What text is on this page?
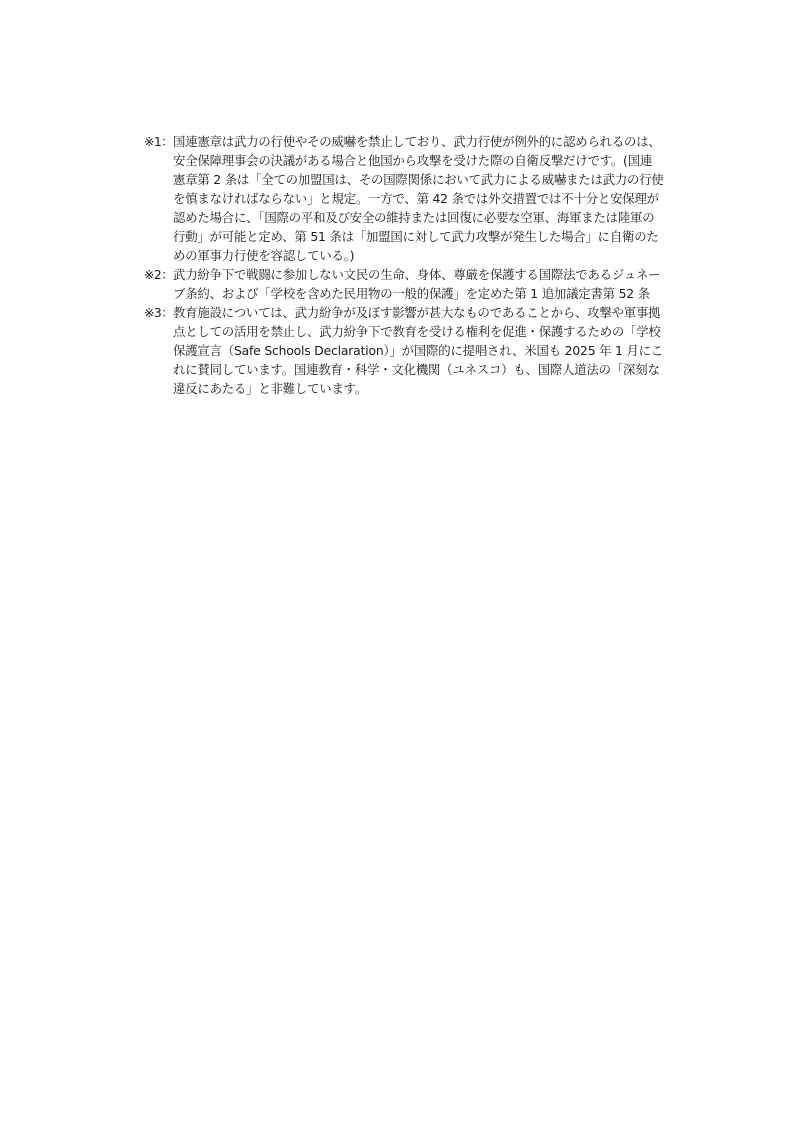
※1： 国連憲章は武力の行使やその威嚇を禁止しており、武力行使が例外的に認められるのは、安全保障理事会の決議がある場合と他国から攻撃を受けた際の自衛反撃だけです。(国連憲章第 2 条は「全ての加盟国は、その国際関係において武力による威嚇または武力の行使を慎まなければならない」と規定。一方で、第 42 条では外交措置では不十分と安保理が認めた場合に、「国際の平和及び安全の維持または回復に必要な空軍、海軍または陸軍の行動」が可能と定め、第 51 条は「加盟国に対して武力攻撃が発生した場合」に自衛のための軍事力行使を容認している。)
※2： 武力紛争下で戦闘に参加しない文民の生命、身体、尊厳を保護する国際法であるジュネーブ条約、および「学校を含めた民用物の一般的保護」を定めた第 1 追加議定書第 52 条
※3： 教育施設については、武力紛争が及ぼす影響が甚大なものであることから、攻撃や軍事拠点としての活用を禁止し、武力紛争下で教育を受ける権利を促進・保護するための「学校保護宣言（Safe Schools Declaration）」が国際的に提唱され、米国も 2025 年 1 月にこれに賛同しています。国連教育・科学・文化機関（ユネスコ）も、国際人道法の「深刻な違反にあたる」と非難しています。
